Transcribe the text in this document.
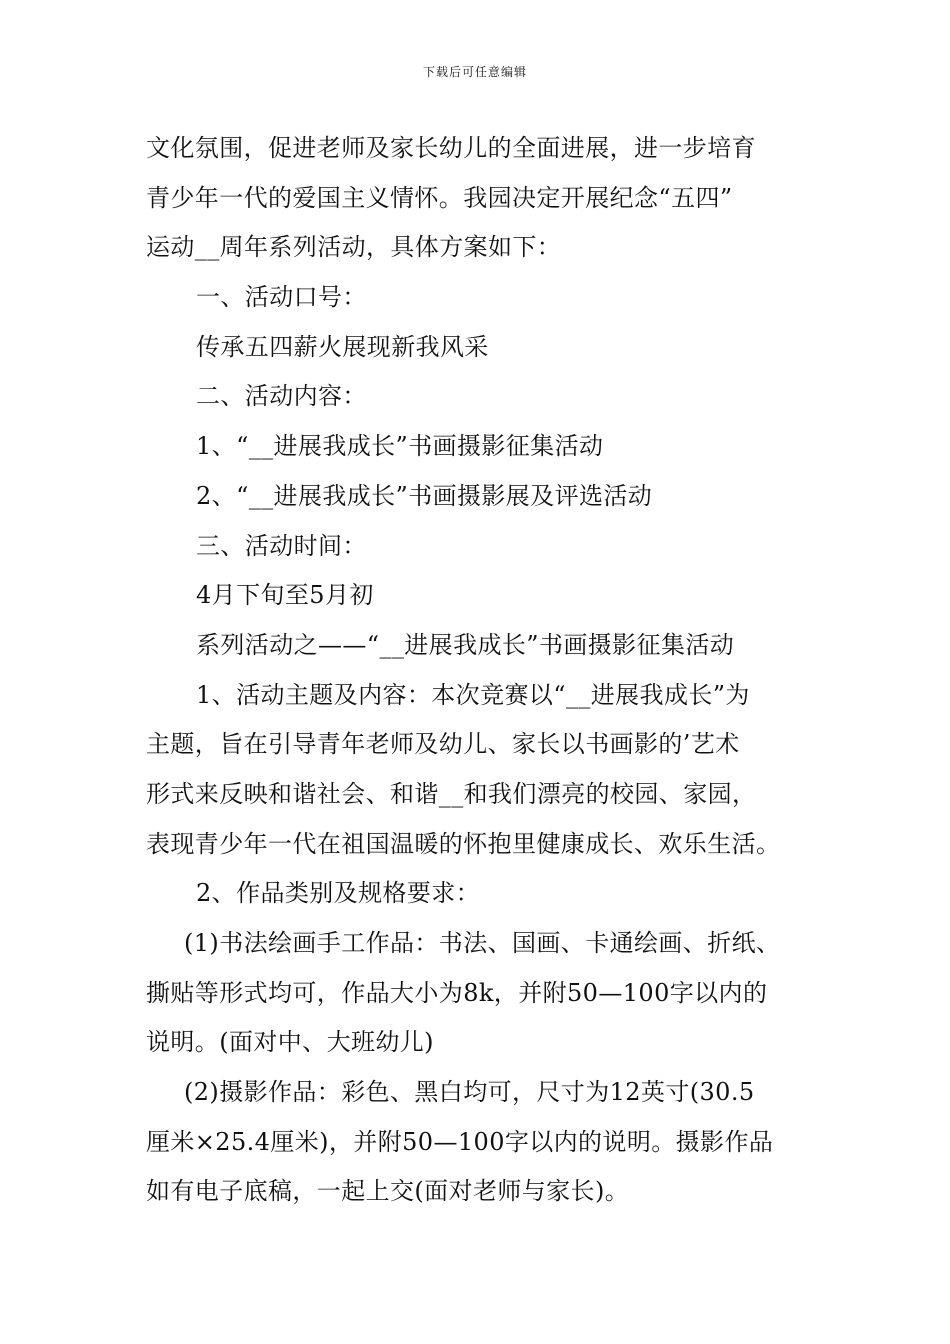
下载后可任意编辑
文化氛围，促进老师及家长幼儿的全面进展，进一步培育
青少年一代的爱国主义情怀。我园决定开展纪念“五四”
运动__周年系列活动，具体方案如下：
一、活动口号：
传承五四薪火展现新我风采
二、活动内容：
1、“__进展我成长”书画摄影征集活动
2、“__进展我成长”书画摄影展及评选活动
三、活动时间：
4月下旬至5月初
系列活动之——“__进展我成长”书画摄影征集活动
1、活动主题及内容：本次竞赛以“__进展我成长”为
主题，旨在引导青年老师及幼儿、家长以书画影的’艺术
形式来反映和谐社会、和谐__和我们漂亮的校园、家园，
表现青少年一代在祖国温暖的怀抱里健康成长、欢乐生活。
2、作品类别及规格要求：
(1)书法绘画手工作品：书法、国画、卡通绘画、折纸、
撕贴等形式均可，作品大小为8k，并附50—100字以内的
说明。(面对中、大班幼儿)
(2)摄影作品：彩色、黑白均可，尺寸为12英寸(30.5
厘米×25.4厘米)，并附50—100字以内的说明。摄影作品
如有电子底稿，一起上交(面对老师与家长)。
